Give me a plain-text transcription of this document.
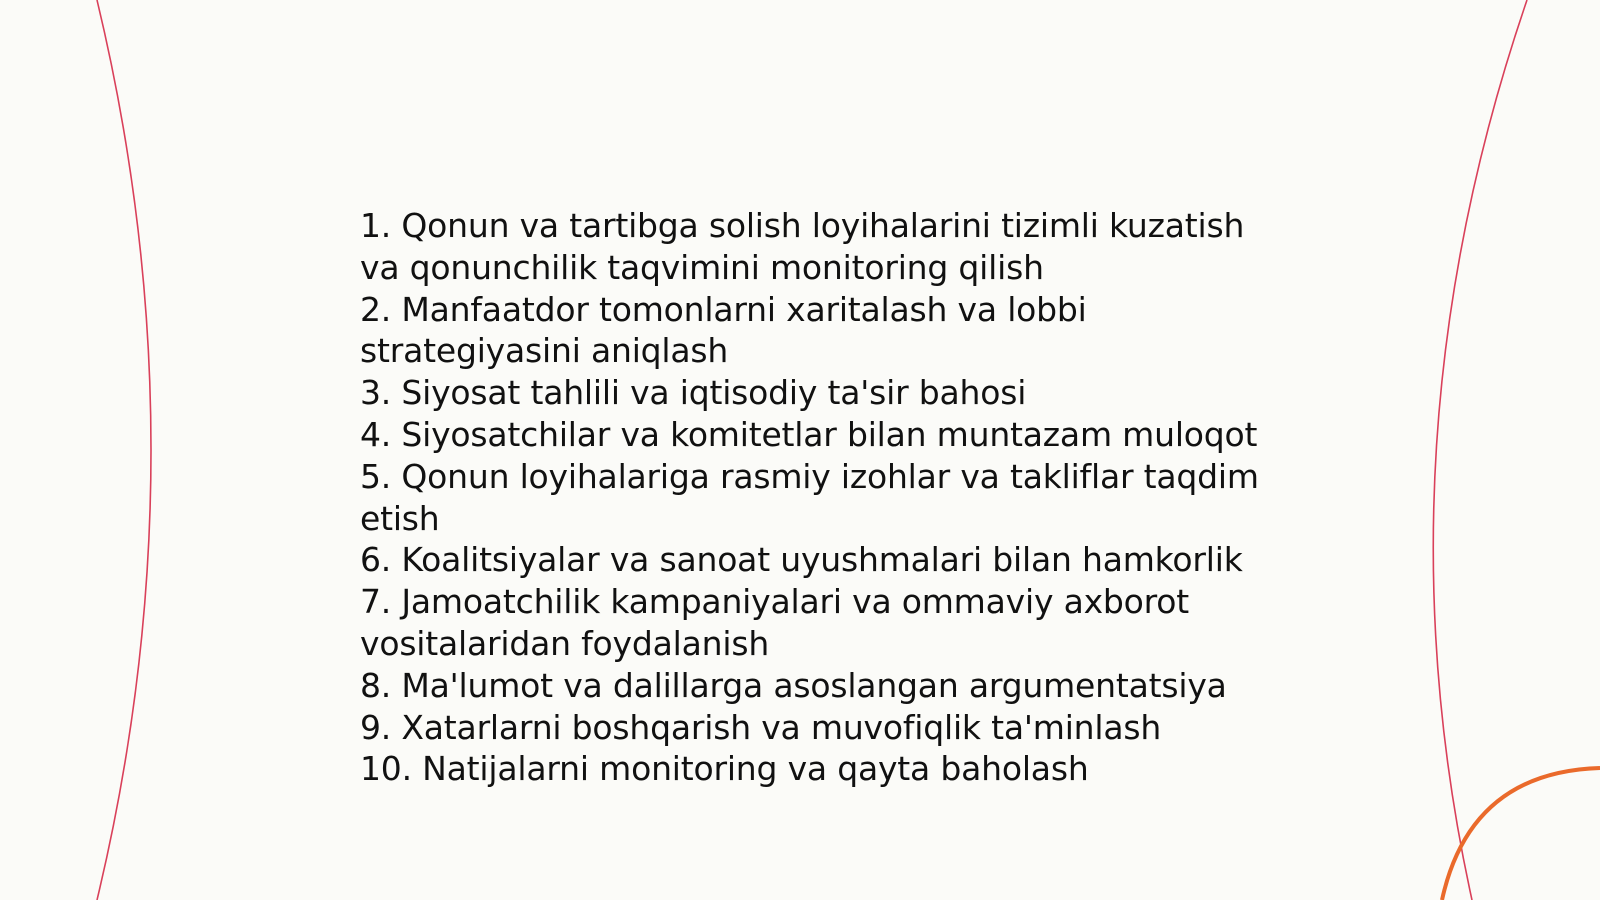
1. Qonun va tartibga solish loyihalarini tizimli kuzatish va qonunchilik taqvimini monitoring qilish

2. Manfaatdor tomonlarni xaritalash va lobbi strategiyasini aniqlash

3. Siyosat tahlili va iqtisodiy ta'sir bahosi

4. Siyosatchilar va komitetlar bilan muntazam muloqot

5. Qonun loyihalariga rasmiy izohlar va takliflar taqdim etish

6. Koalitsiyalar va sanoat uyushmalari bilan hamkorlik

7. Jamoatchilik kampaniyalari va ommaviy axborot vositalaridan foydalanish

8. Ma'lumot va dalillarga asoslangan argumentatsiya

9. Xatarlarni boshqarish va muvofiqlik ta'minlash

10. Natijalarni monitoring va qayta baholash
